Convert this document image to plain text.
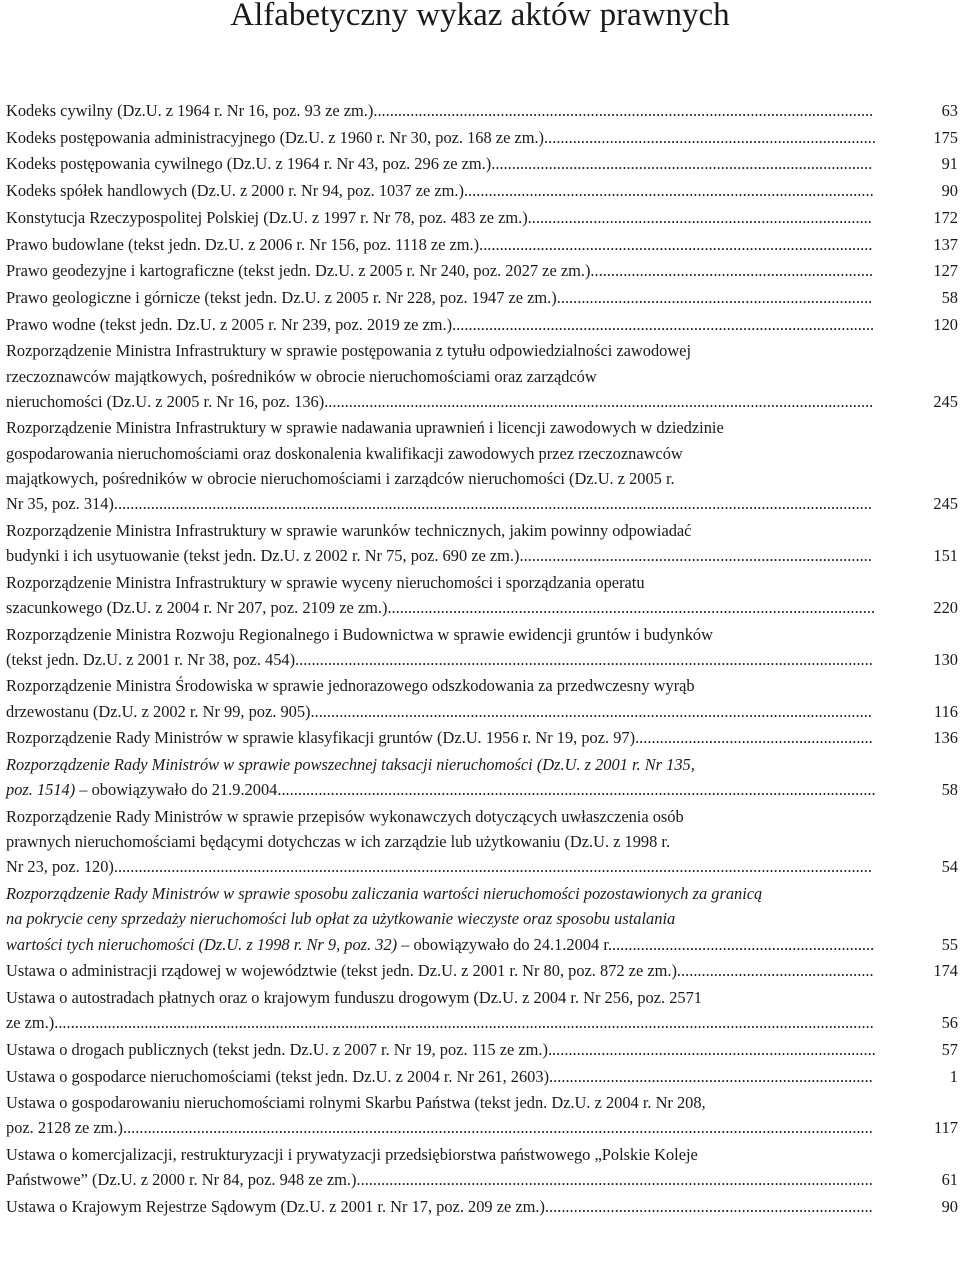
Alfabetyczny wykaz aktów prawnych
Kodeks cywilny (Dz.U. z 1964 r. Nr 16, poz. 93 ze zm.)..........................................................................................................................	63
Kodeks postępowania administracyjnego (Dz.U. z 1960 r. Nr 30, poz. 168 ze zm.).................................................................................	175
Kodeks postępowania cywilnego (Dz.U. z 1964 r. Nr 43, poz. 296 ze zm.).............................................................................................	91
Kodeks spółek handlowych (Dz.U. z 2000 r. Nr 94, poz. 1037 ze zm.)....................................................................................................	90
Konstytucja Rzeczypospolitej Polskiej (Dz.U. z 1997 r. Nr 78, poz. 483 ze zm.)....................................................................................	172
Prawo budowlane (tekst jedn. Dz.U. z 2006 r. Nr 156, poz. 1118 ze zm.)................................................................................................	137
Prawo geodezyjne i kartograficzne (tekst jedn. Dz.U. z 2005 r. Nr 240, poz. 2027 ze zm.).....................................................................	127
Prawo geologiczne i górnicze (tekst jedn. Dz.U. z 2005 r. Nr 228, poz. 1947 ze zm.).............................................................................	58
Prawo wodne (tekst jedn. Dz.U. z 2005 r. Nr 239, poz. 2019 ze zm.).......................................................................................................	120
Rozporządzenie Ministra Infrastruktury w sprawie postępowania z tytułu odpowiedzialności zawodowej
rzeczoznawców majątkowych, pośredników w obrocie nieruchomościami oraz zarządców
nieruchomości (Dz.U. z 2005 r. Nr 16, poz. 136)......................................................................................................................................	245
Rozporządzenie Ministra Infrastruktury w sprawie nadawania uprawnień i licencji zawodowych w dziedzinie
gospodarowania nieruchomościami oraz doskonalenia kwalifikacji zawodowych przez rzeczoznawców
majątkowych, pośredników w obrocie nieruchomościami i zarządców nieruchomości (Dz.U. z 2005 r.
Nr 35, poz. 314).........................................................................................................................................................................................	245
Rozporządzenie Ministra Infrastruktury w sprawie warunków technicznych, jakim powinny odpowiadać
budynki i ich usytuowanie (tekst jedn. Dz.U. z 2002 r. Nr 75, poz. 690 ze zm.)......................................................................................	151
Rozporządzenie Ministra Infrastruktury w sprawie wyceny nieruchomości i sporządzania operatu
szacunkowego (Dz.U. z 2004 r. Nr 207, poz. 2109 ze zm.).......................................................................................................................	220
Rozporządzenie Ministra Rozwoju Regionalnego i Budownictwa w sprawie ewidencji gruntów i budynków
(tekst jedn. Dz.U. z 2001 r. Nr 38, poz. 454).............................................................................................................................................	130
Rozporządzenie Ministra Środowiska w sprawie jednorazowego odszkodowania za przedwczesny wyrąb
drzewostanu (Dz.U. z 2002 r. Nr 99, poz. 905).........................................................................................................................................	116
Rozporządzenie Rady Ministrów w sprawie klasyfikacji gruntów (Dz.U. 1956 r. Nr 19, poz. 97)..........................................................	136
Rozporządzenie Rady Ministrów w sprawie powszechnej taksacji nieruchomości (Dz.U. z 2001 r. Nr 135,
poz. 1514) – obowiązywało do 21.9.2004..................................................................................................................................................	58
Rozporządzenie Rady Ministrów w sprawie przepisów wykonawczych dotyczących uwłaszczenia osób
prawnych nieruchomościami będącymi dotychczas w ich zarządzie lub użytkowaniu (Dz.U. z 1998 r.
Nr 23, poz. 120).........................................................................................................................................................................................	54
Rozporządzenie Rady Ministrów w sprawie sposobu zaliczania wartości nieruchomości pozostawionych za granicą
na pokrycie ceny sprzedaży nieruchomości lub opłat za użytkowanie wieczyste oraz sposobu ustalania
wartości tych nieruchomości (Dz.U. z 1998 r. Nr 9, poz. 32) – obowiązywało do 24.1.2004 r.................................................................	55
Ustawa o administracji rządowej w województwie (tekst jedn. Dz.U. z 2001 r. Nr 80, poz. 872 ze zm.)................................................	174
Ustawa o autostradach płatnych oraz o krajowym funduszu drogowym (Dz.U. z 2004 r. Nr 256, poz. 2571
ze zm.)........................................................................................................................................................................................................	56
Ustawa o drogach publicznych (tekst jedn. Dz.U. z 2007 r. Nr 19, poz. 115 ze zm.)................................................................................	57
Ustawa o gospodarce nieruchomościami (tekst jedn. Dz.U. z 2004 r. Nr 261, 2603)...............................................................................	1
Ustawa o gospodarowaniu nieruchomościami rolnymi Skarbu Państwa (tekst jedn. Dz.U. z 2004 r. Nr 208,
poz. 2128 ze zm.).......................................................................................................................................................................................	117
Ustawa o komercjalizacji, restrukturyzacji i prywatyzacji przedsiębiorstwa państwowego „Polskie Koleje
Państwowe” (Dz.U. z 2000 r. Nr 84, poz. 948 ze zm.)..............................................................................................................................	61
Ustawa o Krajowym Rejestrze Sądowym (Dz.U. z 2001 r. Nr 17, poz. 209 ze zm.)................................................................................	90
